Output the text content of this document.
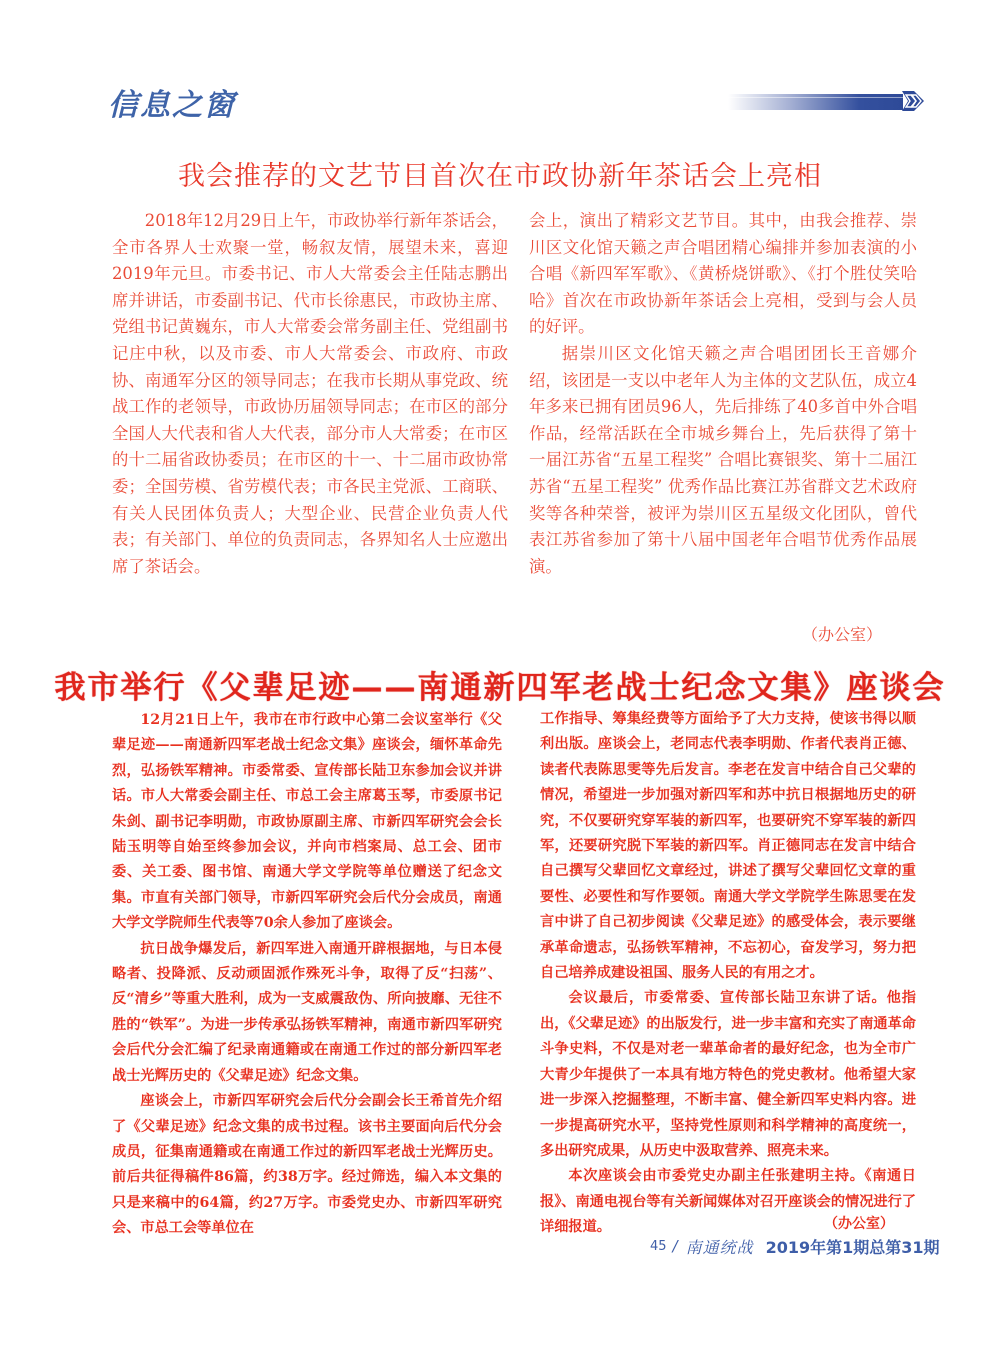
信息之窗
我会推荐的文艺节目首次在市政协新年茶话会上亮相

2018年12月29日上午，市政协举行新年茶话会，全市各界人士欢聚一堂，畅叙友情，展望未来，喜迎2019年元旦。市委书记、市人大常委会主任陆志鹏出席并讲话，市委副书记、代市长徐惠民，市政协主席、党组书记黄巍东，市人大常委会常务副主任、党组副书记庄中秋，以及市委、市人大常委会、市政府、市政协、南通军分区的领导同志；在我市长期从事党政、统战工作的老领导，市政协历届领导同志；在市区的部分全国人大代表和省人大代表，部分市人大常委；在市区的十二届省政协委员；在市区的十一、十二届市政协常委；全国劳模、省劳模代表；市各民主党派、工商联、有关人民团体负责人；大型企业、民营企业负责人代表；有关部门、单位的负责同志，各界知名人士应邀出席了茶话会。

会上，演出了精彩文艺节目。其中，由我会推荐、崇川区文化馆天籁之声合唱团精心编排并参加表演的小合唱《新四军军歌》、《黄桥烧饼歌》、《打个胜仗笑哈哈》首次在市政协新年茶话会上亮相，受到与会人员的好评。

据崇川区文化馆天籁之声合唱团团长王音娜介绍，该团是一支以中老年人为主体的文艺队伍，成立4年多来已拥有团员96人，先后排练了40多首中外合唱作品，经常活跃在全市城乡舞台上，先后获得了第十一届江苏省“五星工程奖” 合唱比赛银奖、第十二届江苏省“五星工程奖” 优秀作品比赛江苏省群文艺术政府奖等各种荣誉，被评为崇川区五星级文化团队，曾代表江苏省参加了第十八届中国老年合唱节优秀作品展演。

（办公室）
我市举行《父辈足迹——南通新四军老战士纪念文集》座谈会

12月21日上午，我市在市行政中心第二会议室举行《父辈足迹——南通新四军老战士纪念文集》座谈会，缅怀革命先烈，弘扬铁军精神。市委常委、宣传部长陆卫东参加会议并讲话。市人大常委会副主任、市总工会主席葛玉琴，市委原书记朱剑、副书记李明勋，市政协原副主席、市新四军研究会会长陆玉明等自始至终参加会议，并向市档案局、总工会、团市委、关工委、图书馆、南通大学文学院等单位赠送了纪念文集。市直有关部门领导，市新四军研究会后代分会成员，南通大学文学院师生代表等70余人参加了座谈会。

抗日战争爆发后，新四军进入南通开辟根据地，与日本侵略者、投降派、反动顽固派作殊死斗争，取得了反“扫荡”、反“清乡”等重大胜利，成为一支威震敌伪、所向披靡、无往不胜的“铁军”。为进一步传承弘扬铁军精神，南通市新四军研究会后代分会汇编了纪录南通籍或在南通工作过的部分新四军老战士光辉历史的《父辈足迹》纪念文集。

座谈会上，市新四军研究会后代分会副会长王希首先介绍了《父辈足迹》纪念文集的成书过程。该书主要面向后代分会成员，征集南通籍或在南通工作过的新四军老战士光辉历史。前后共征得稿件86篇，约38万字。经过筛选，编入本文集的只是来稿中的64篇，约27万字。市委党史办、市新四军研究会、市总工会等单位在

工作指导、筹集经费等方面给予了大力支持，使该书得以顺利出版。座谈会上，老同志代表李明勋、作者代表肖正德、读者代表陈思雯等先后发言。李老在发言中结合自己父辈的情况，希望进一步加强对新四军和苏中抗日根据地历史的研究，不仅要研究穿军装的新四军，也要研究不穿军装的新四军，还要研究脱下军装的新四军。肖正德同志在发言中结合自己撰写父辈回忆文章经过，讲述了撰写父辈回忆文章的重要性、必要性和写作要领。南通大学文学院学生陈思雯在发言中讲了自己初步阅读《父辈足迹》的感受体会，表示要继承革命遗志，弘扬铁军精神，不忘初心，奋发学习，努力把自己培养成建设祖国、服务人民的有用之才。

会议最后，市委常委、宣传部长陆卫东讲了话。他指出，《父辈足迹》的出版发行，进一步丰富和充实了南通革命斗争史料，不仅是对老一辈革命者的最好纪念，也为全市广大青少年提供了一本具有地方特色的党史教材。他希望大家进一步深入挖掘整理，不断丰富、健全新四军史料内容。进一步提高研究水平，坚持党性原则和科学精神的高度统一，多出研究成果，从历史中汲取营养、照亮未来。

本次座谈会由市委党史办副主任张建明主持。《南通日报》、南通电视台等有关新闻媒体对召开座谈会的情况进行了详细报道。	（办公室）
45 / 南通统战 2019年第1期总第31期
